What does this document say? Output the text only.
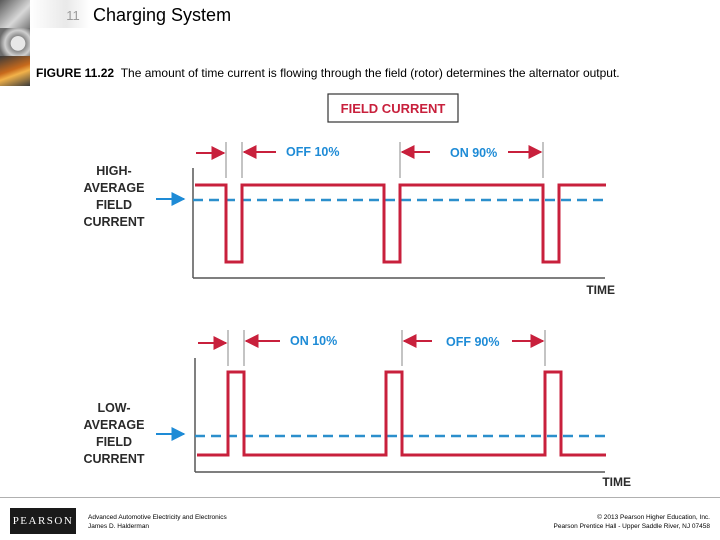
11 Charging System
FIGURE 11.22 The amount of time current is flowing through the field (rotor) determines the alternator output.
FIELD CURRENT
TIME
OFF 10%	ON 90%
HIGH-
AVERAGE
FIELD
CURRENT
TIME
ON 10%	OFF 90%
LOW-
AVERAGE
FIELD
CURRENT
PEARSON	Advanced Automotive Electricity and Electronics
James D. Halderman
© 2013 Pearson Higher Education, Inc.
Pearson Prentice Hall - Upper Saddle River, NJ 07458
